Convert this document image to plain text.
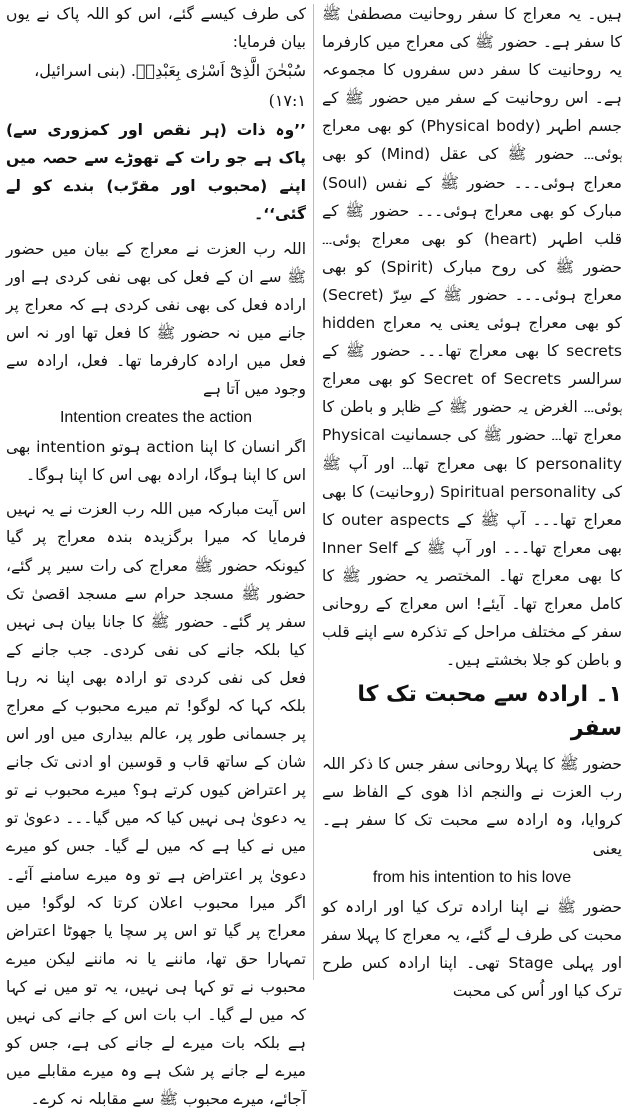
ہیں۔ یہ معراج کا سفر روحانیت مصطفیٰ ﷺ کا سفر ہے۔ حضور ﷺ کی معراج میں کارفرما یہ روحانیت کا سفر دس سفروں کا مجموعہ ہے۔ اس روحانیت کے سفر میں حضور ﷺ کے جسم اطہر (Physical body) کو بھی معراج ہوئی۔۔۔ حضور ﷺ کی عقل (Mind) کو بھی معراج ہوئی۔۔۔ حضور ﷺ کے نفس (Soul) مبارک کو بھی معراج ہوئی۔۔۔ حضور ﷺ کے قلب اطہر (heart) کو بھی معراج ہوئی۔۔۔ حضور ﷺ کی روح مبارک (Spirit) کو بھی معراج ہوئی۔۔۔ حضور ﷺ کے سِرّ (Secret) کو بھی معراج ہوئی یعنی یہ معراج hidden secrets کا بھی معراج تھا۔۔۔ حضور ﷺ کے سرالسر Secret of Secrets کو بھی معراج ہوئی۔۔۔ الغرض یہ حضور ﷺ کے ظاہر و باطن کا معراج تھا۔۔۔ حضور ﷺ کی جسمانیت Physical personality کا بھی معراج تھا۔۔۔ اور آپ ﷺ کی Spiritual personality (روحانیت) کا بھی معراج تھا۔۔۔ آپ ﷺ کے outer aspects کا بھی معراج تھا۔۔۔ اور آپ ﷺ کے Inner Self کا بھی معراج تھا۔ المختصر یہ حضور ﷺ کا کامل معراج تھا۔ آیئے! اس معراج کے روحانی سفر کے مختلف مراحل کے تذکرہ سے اپنے قلب و باطن کو جلا بخشتے ہیں۔

۱۔ ارادہ سے محبت تک کا سفر

حضور ﷺ کا پہلا روحانی سفر جس کا ذکر اللہ رب العزت نے والنجم اذا ھوی کے الفاظ سے کروایا، وہ ارادہ سے محبت تک کا سفر ہے۔ یعنی

from his intention to his love

حضور ﷺ نے اپنا ارادہ ترک کیا اور ارادہ کو محبت کی طرف لے گئے، یہ معراج کا پہلا سفر اور پہلی Stage تھی۔ اپنا ارادہ کس طرح ترک کیا اور اُس کی محبت

کی طرف کیسے گئے، اس کو اللہ پاک نے یوں بیان فرمایا:

سُبْحٰنَ الَّذِیْٓ اَسْرٰی بِعَبْدِهٖ. (بنی اسرائیل، ۱۷:۱)

’’وہ ذات (ہر نقص اور کمزوری سے) پاک ہے جو رات کے تھوڑے سے حصہ میں اپنے (محبوب اور مقرّب) بندے کو لے گئی‘‘۔

اللہ رب العزت نے معراج کے بیان میں حضور ﷺ سے ان کے فعل کی بھی نفی کردی ہے اور ارادہ فعل کی بھی نفی کردی ہے کہ معراج پر جانے میں نہ حضور ﷺ کا فعل تھا اور نہ اس فعل میں ارادہ کارفرما تھا۔ فعل، ارادہ سے وجود میں آتا ہے

Intention creates the action

اگر انسان کا اپنا action ہوتو intention بھی اس کا اپنا ہوگا، ارادہ بھی اس کا اپنا ہوگا۔

اس آیت مبارکہ میں اللہ رب العزت نے یہ نہیں فرمایا کہ میرا برگزیدہ بندہ معراج پر گیا کیونکہ حضور ﷺ معراج کی رات سیر پر گئے، حضور ﷺ مسجد حرام سے مسجد اقصیٰ تک سفر پر گئے۔ حضور ﷺ کا جانا بیان ہی نہیں کیا بلکہ جانے کی نفی کردی۔ جب جانے کے فعل کی نفی کردی تو ارادہ بھی اپنا نہ رہا بلکہ کہا کہ لوگو! تم میرے محبوب کے معراج پر جسمانی طور پر، عالم بیداری میں اور اس شان کے ساتھ قاب و قوسین او ادنی تک جانے پر اعتراض کیوں کرتے ہو؟ میرے محبوب نے تو یہ دعویٰ ہی نہیں کیا کہ میں گیا۔۔۔ دعویٰ تو میں نے کیا ہے کہ میں لے گیا۔ جس کو میرے دعویٰ پر اعتراض ہے تو وہ میرے سامنے آئے۔ اگر میرا محبوب اعلان کرتا کہ لوگو! میں معراج پر گیا تو اس پر سچا یا جھوٹا اعتراض تمہارا حق تھا، ماننے یا نہ ماننے لیکن میرے محبوب نے تو کہا ہی نہیں، یہ تو میں نے کہا کہ میں لے گیا۔ اب بات اس کے جانے کی نہیں ہے بلکہ بات میرے لے جانے کی ہے، جس کو میرے لے جانے پر شک ہے وہ میرے مقابلے میں آجائے، میرے محبوب ﷺ سے مقابلہ نہ کرے۔
